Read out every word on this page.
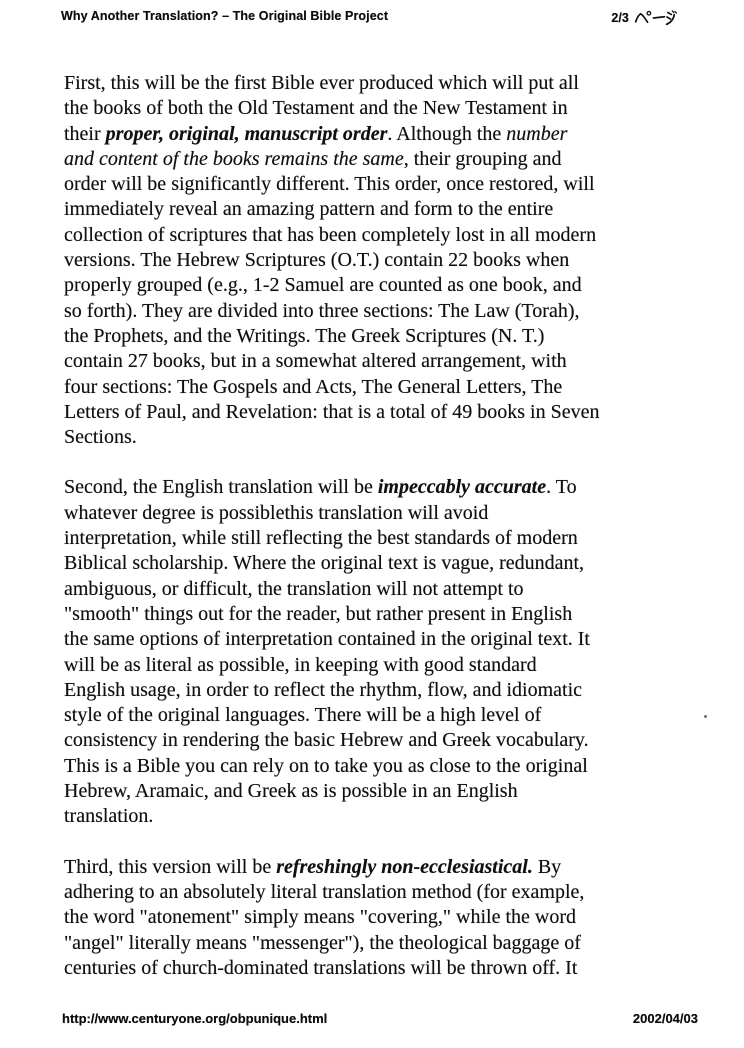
Why Another Translation? – The Original Bible Project	2/3

First, this will be the first Bible ever produced which will put all
the books of both the Old Testament and the New Testament in
their proper, original, manuscript order. Although the number
and content of the books remains the same, their grouping and
order will be significantly different. This order, once restored, will
immediately reveal an amazing pattern and form to the entire
collection of scriptures that has been completely lost in all modern
versions. The Hebrew Scriptures (O.T.) contain 22 books when
properly grouped (e.g., 1-2 Samuel are counted as one book, and
so forth). They are divided into three sections: The Law (Torah),
the Prophets, and the Writings. The Greek Scriptures (N. T.)
contain 27 books, but in a somewhat altered arrangement, with
four sections: The Gospels and Acts, The General Letters, The
Letters of Paul, and Revelation: that is a total of 49 books in Seven
Sections.

Second, the English translation will be impeccably accurate. To
whatever degree is possiblethis translation will avoid
interpretation, while still reflecting the best standards of modern
Biblical scholarship. Where the original text is vague, redundant,
ambiguous, or difficult, the translation will not attempt to
"smooth" things out for the reader, but rather present in English
the same options of interpretation contained in the original text. It
will be as literal as possible, in keeping with good standard
English usage, in order to reflect the rhythm, flow, and idiomatic
style of the original languages. There will be a high level of
consistency in rendering the basic Hebrew and Greek vocabulary.
This is a Bible you can rely on to take you as close to the original
Hebrew, Aramaic, and Greek as is possible in an English
translation.

Third, this version will be refreshingly non-ecclesiastical. By
adhering to an absolutely literal translation method (for example,
the word "atonement" simply means "covering," while the word
"angel" literally means "messenger"), the theological baggage of
centuries of church-dominated translations will be thrown off. It

http://www.centuryone.org/obpunique.html	2002/04/03
